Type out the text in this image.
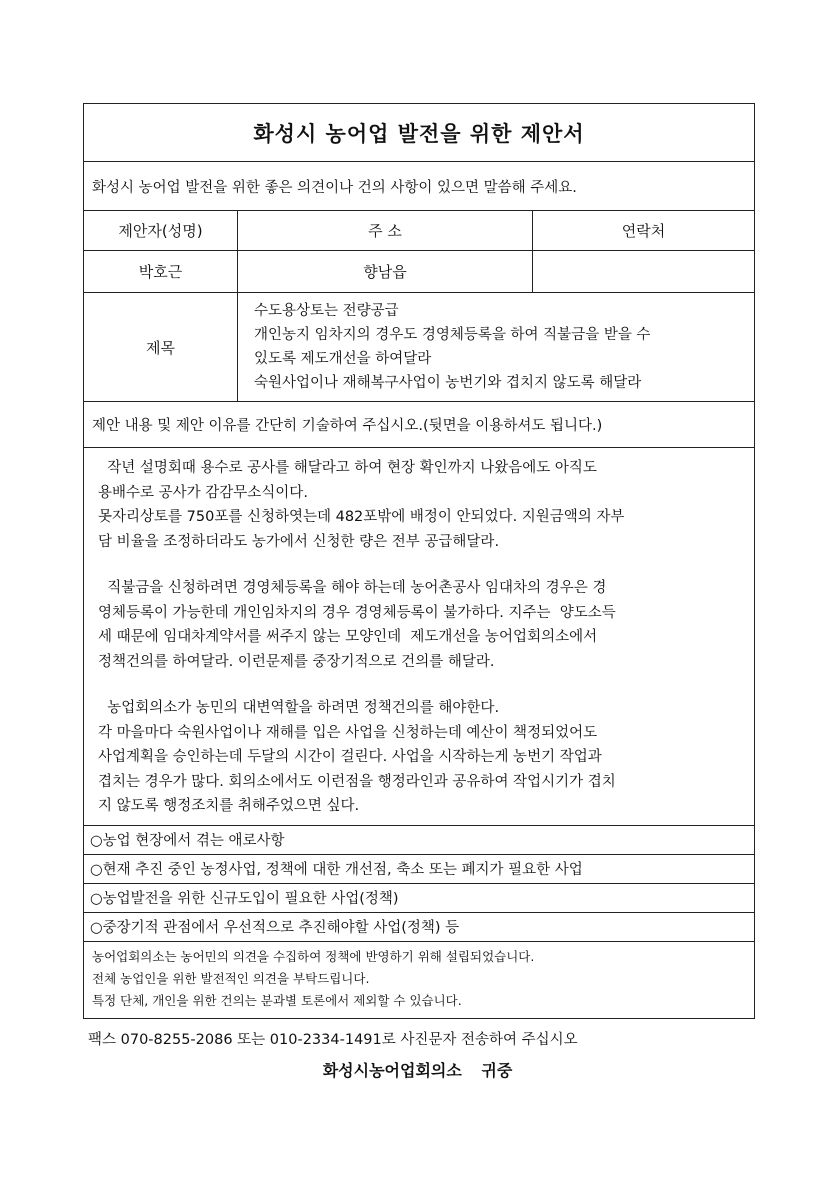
화성시 농어업 발전을 위한 제안서
화성시 농어업 발전을 위한 좋은 의견이나 건의 사항이 있으면 말씀해 주세요.
제안자(성명)	주 소	연락처
박호근	향남읍
제목
수도용상토는 전량공급
개인농지 임차지의 경우도 경영체등록을 하여 직불금을 받을 수
있도록 제도개선을 하여달라
숙원사업이나 재해복구사업이 농번기와 겹치지 않도록 해달라
제안 내용 및 제안 이유를 간단히 기술하여 주십시오.(뒷면을 이용하셔도 됩니다.)
작년 설명회때 용수로 공사를 해달라고 하여 현장 확인까지 나왔음에도 아직도
용배수로 공사가 감감무소식이다.
못자리상토를 750포를 신청하엿는데 482포밖에 배정이 안되었다. 지원금액의 자부
담 비율을 조정하더라도 농가에서 신청한 량은 전부 공급해달라.
직불금을 신청하려면 경영체등록을 해야 하는데 농어촌공사 임대차의 경우은 경
영체등록이 가능한데 개인임차지의 경우 경영체등록이 불가하다. 지주는  양도소득
세 때문에 임대차계약서를 써주지 않는 모양인데  제도개선을 농어업회의소에서
정책건의를 하여달라. 이런문제를 중장기적으로 건의를 해달라.
농업회의소가 농민의 대변역할을 하려면 정책건의를 해야한다.
각 마을마다 숙원사업이나 재해를 입은 사업을 신청하는데 예산이 책정되었어도
사업계획을 승인하는데 두달의 시간이 걸린다. 사업을 시작하는게 농번기 작업과
겹치는 경우가 많다. 회의소에서도 이런점을 행정라인과 공유하여 작업시기가 겹치
지 않도록 행정조치를 취해주었으면 싶다.
○농업 현장에서 겪는 애로사항
○현재 추진 중인 농정사업, 정책에 대한 개선점, 축소 또는 폐지가 필요한 사업
○농업발전을 위한 신규도입이 필요한 사업(정책)
○중장기적 관점에서 우선적으로 추진해야할 사업(정책) 등
농어업회의소는 농어민의 의견을 수집하여 정책에 반영하기 위해 설립되었습니다.
전체 농업인을 위한 발전적인 의견을 부탁드립니다.
특정 단체, 개인을 위한 건의는 분과별 토론에서 제외할 수 있습니다.
팩스 070-8255-2086 또는 010-2334-1491로 사진문자 전송하여 주십시오
화성시농어업회의소 귀중
